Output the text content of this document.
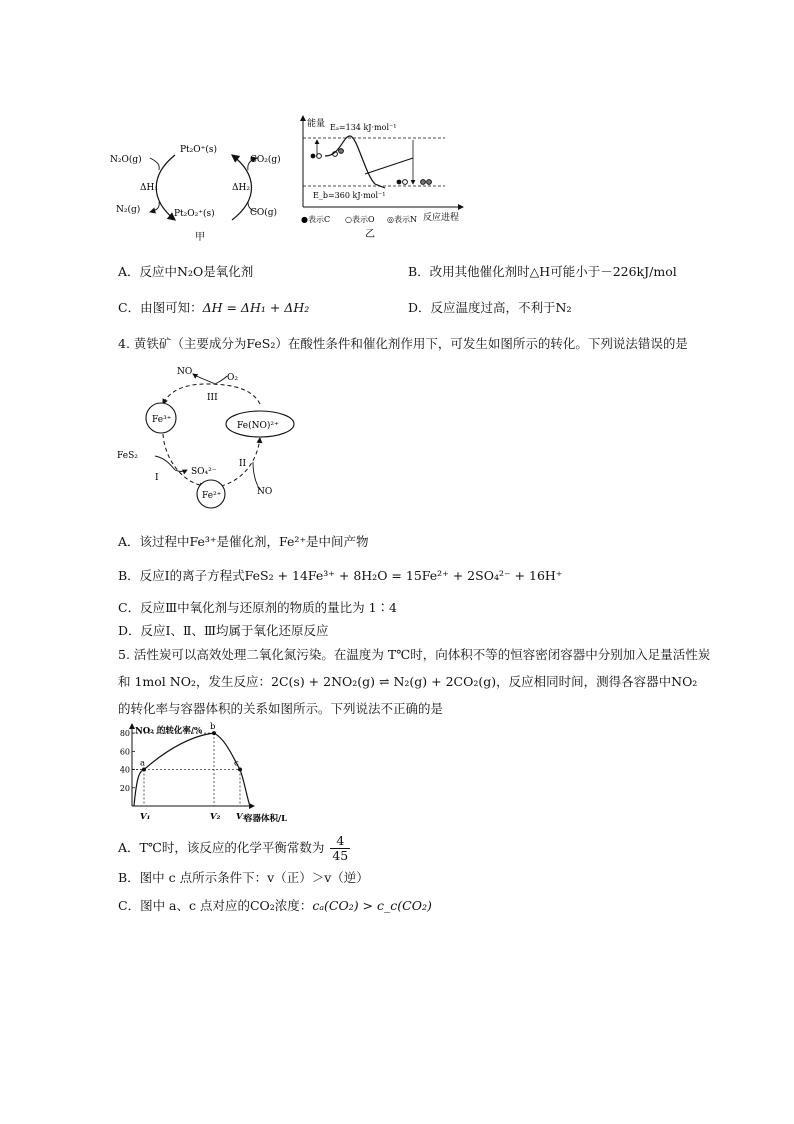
N₂O(g)
N₂(g)
Pt₂O⁺(s)
Pt₂O₂⁺(s)
CO₂(g)
CO(g)
ΔH₁	ΔH₂
甲
能量 Eₐ=134 kJ·mol⁻¹
E_b=360 kJ·mol⁻¹
反应进程
●表示C ○表示O ◎表示N
乙
A．反应中N₂O是氧化剂	B．改用其他催化剂时△H可能小于－226kJ/mol
C．由图可知：ΔH = ΔH₁ + ΔH₂	D．反应温度过高，不利于N₂
4. 黄铁矿（主要成分为FeS₂）在酸性条件和催化剂作用下，可发生如图所示的转化。下列说法错误的是
NO
O₂
III
Fe³⁺
Fe(NO)²⁺
FeS₂
SO₄²⁻
I
II
Fe²⁺	NO
A．该过程中Fe³⁺是催化剂，Fe²⁺是中间产物
B．反应Ⅰ的离子方程式FeS₂ + 14Fe³⁺ + 8H₂O = 15Fe²⁺ + 2SO₄²⁻ + 16H⁺
C．反应Ⅲ中氧化剂与还原剂的物质的量比为 1∶4
D．反应Ⅰ、Ⅱ、Ⅲ均属于氧化还原反应
5. 活性炭可以高效处理二氧化氮污染。在温度为 T℃时，向体积不等的恒容密闭容器中分别加入足量活性炭
和 1mol NO₂，发生反应：2C(s) + 2NO₂(g) ⇌ N₂(g) + 2CO₂(g)，反应相同时间，测得各容器中NO₂
的转化率与容器体积的关系如图所示。下列说法不正确的是
NO₂ 的转化率/%
容器体积/L
20
40
60
80
V₁	V₂ V₃
a
b
c
A．T℃时，该反应的化学平衡常数为 $\frac{4}{45}$
B．图中 c 点所示条件下：v（正）＞v（逆）
C．图中 a、c 点对应的CO₂浓度：cₐ(CO₂) > c_c(CO₂)
